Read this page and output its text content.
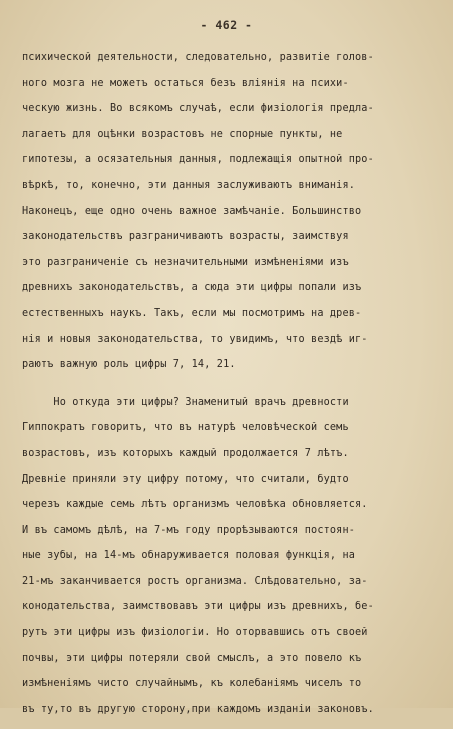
- 462 -
психической деятельности, следовательно, развитіе голов-
ного мозга не можетъ остаться безъ вліянія на психи-
ческую жизнь. Во всякомъ случаѣ, если физіологія предла-
лагаетъ для оцѣнки возрастовъ не спорные пункты, не
гипотезы, а осязательныя данныя, подлежащія опытной про-
вѣркѣ, то, конечно, эти данныя заслуживаютъ вниманія.
Наконецъ, еще одно очень важное замѣчаніе. Большинство
законодательствъ разграничиваютъ возрасты, заимствуя
это разграниченіе съ незначительными измѣненіями изъ
древнихъ законодательствъ, а сюда эти цифры попали изъ
естественныхъ наукъ. Такъ, если мы посмотримъ на древ-
нія и новыя законодательства, то увидимъ, что вездѣ иг-
раютъ важную роль цифры 7, 14, 21.
Но откуда эти цифры? Знаменитый врачъ древности
Гиппократъ говоритъ, что въ натурѣ человѣческой семь
возрастовъ, изъ которыхъ каждый продолжается 7 лѣтъ.
Древніе приняли эту цифру потому, что считали, будто
черезъ каждые семь лѣтъ организмъ человѣка обновляется.
И въ самомъ дѣлѣ, на 7-мъ году прорѣзываются постоян-
ные зубы, на 14-мъ обнаруживается половая функція, на
21-мъ заканчивается ростъ организма. Слѣдовательно, за-
конодательства, заимствовавъ эти цифры изъ древнихъ, бе-
рутъ эти цифры изъ физіологіи. Но оторвавшись отъ своей
почвы, эти цифры потеряли свой смыслъ, а это повело къ
измѣненіямъ чисто случайнымъ, къ колебаніямъ чиселъ то
въ ту,то въ другую сторону,при каждомъ изданіи законовъ.
